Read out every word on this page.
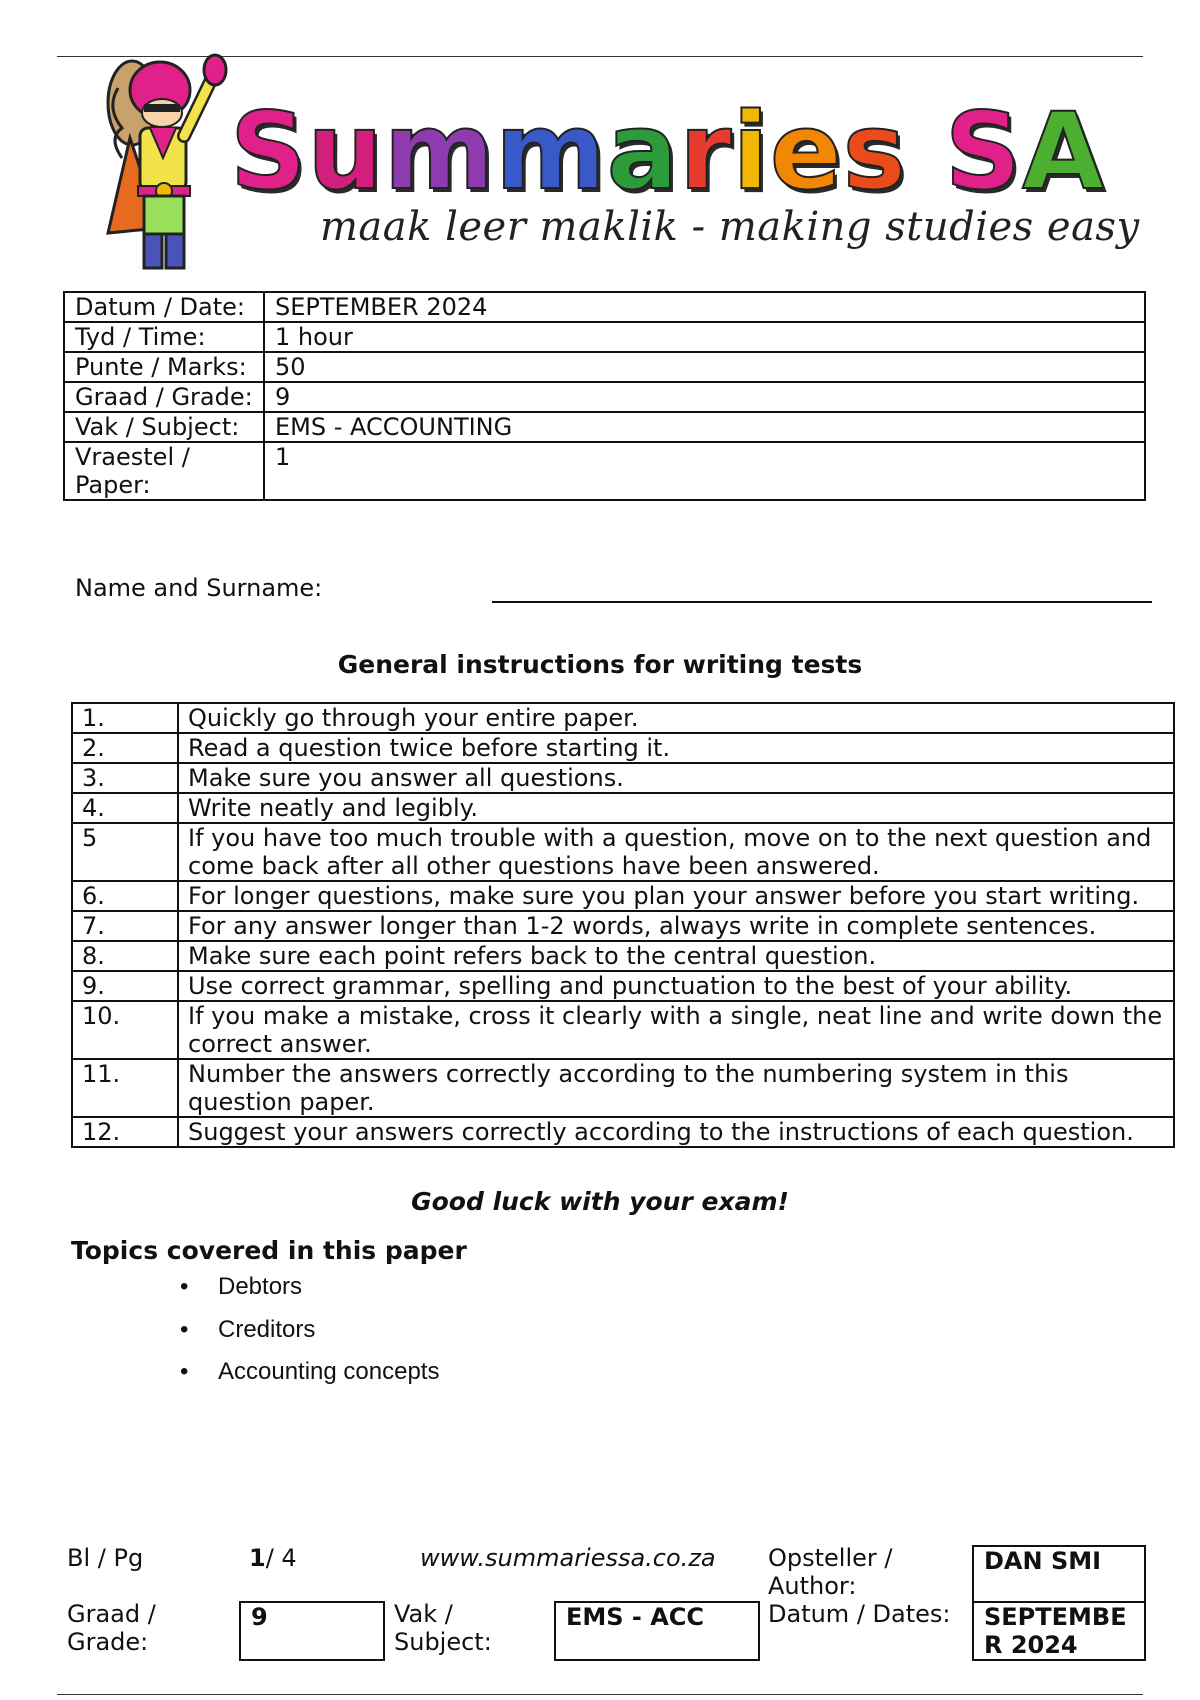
Summaries SA
maak leer maklik - making studies easy
Datum / Date:	SEPTEMBER 2024
Tyd / Time:	1 hour
Punte / Marks:	50
Graad / Grade:	9
Vak / Subject:	EMS - ACCOUNTING
Vraestel / Paper:	1
Name and Surname:
General instructions for writing tests
1.	Quickly go through your entire paper.
2.	Read a question twice before starting it.
3.	Make sure you answer all questions.
4.	Write neatly and legibly.
5	If you have too much trouble with a question, move on to the next question and come back after all other questions have been answered.
6.	For longer questions, make sure you plan your answer before you start writing.
7.	For any answer longer than 1-2 words, always write in complete sentences.
8.	Make sure each point refers back to the central question.
9.	Use correct grammar, spelling and punctuation to the best of your ability.
10.	If you make a mistake, cross it clearly with a single, neat line and write down the correct answer.
11.	Number the answers correctly according to the numbering system in this question paper.
12.	Suggest your answers correctly according to the instructions of each question.
Good luck with your exam!
Topics covered in this paper
• Debtors
• Creditors
• Accounting concepts
Bl / Pg	1/ 4	www.summariessa.co.za Opsteller / Author:
DAN SMI
Graad / Grade:
9	Vak / Subject:
EMS - ACC	Datum / Dates:	SEPTEMBE R 2024
